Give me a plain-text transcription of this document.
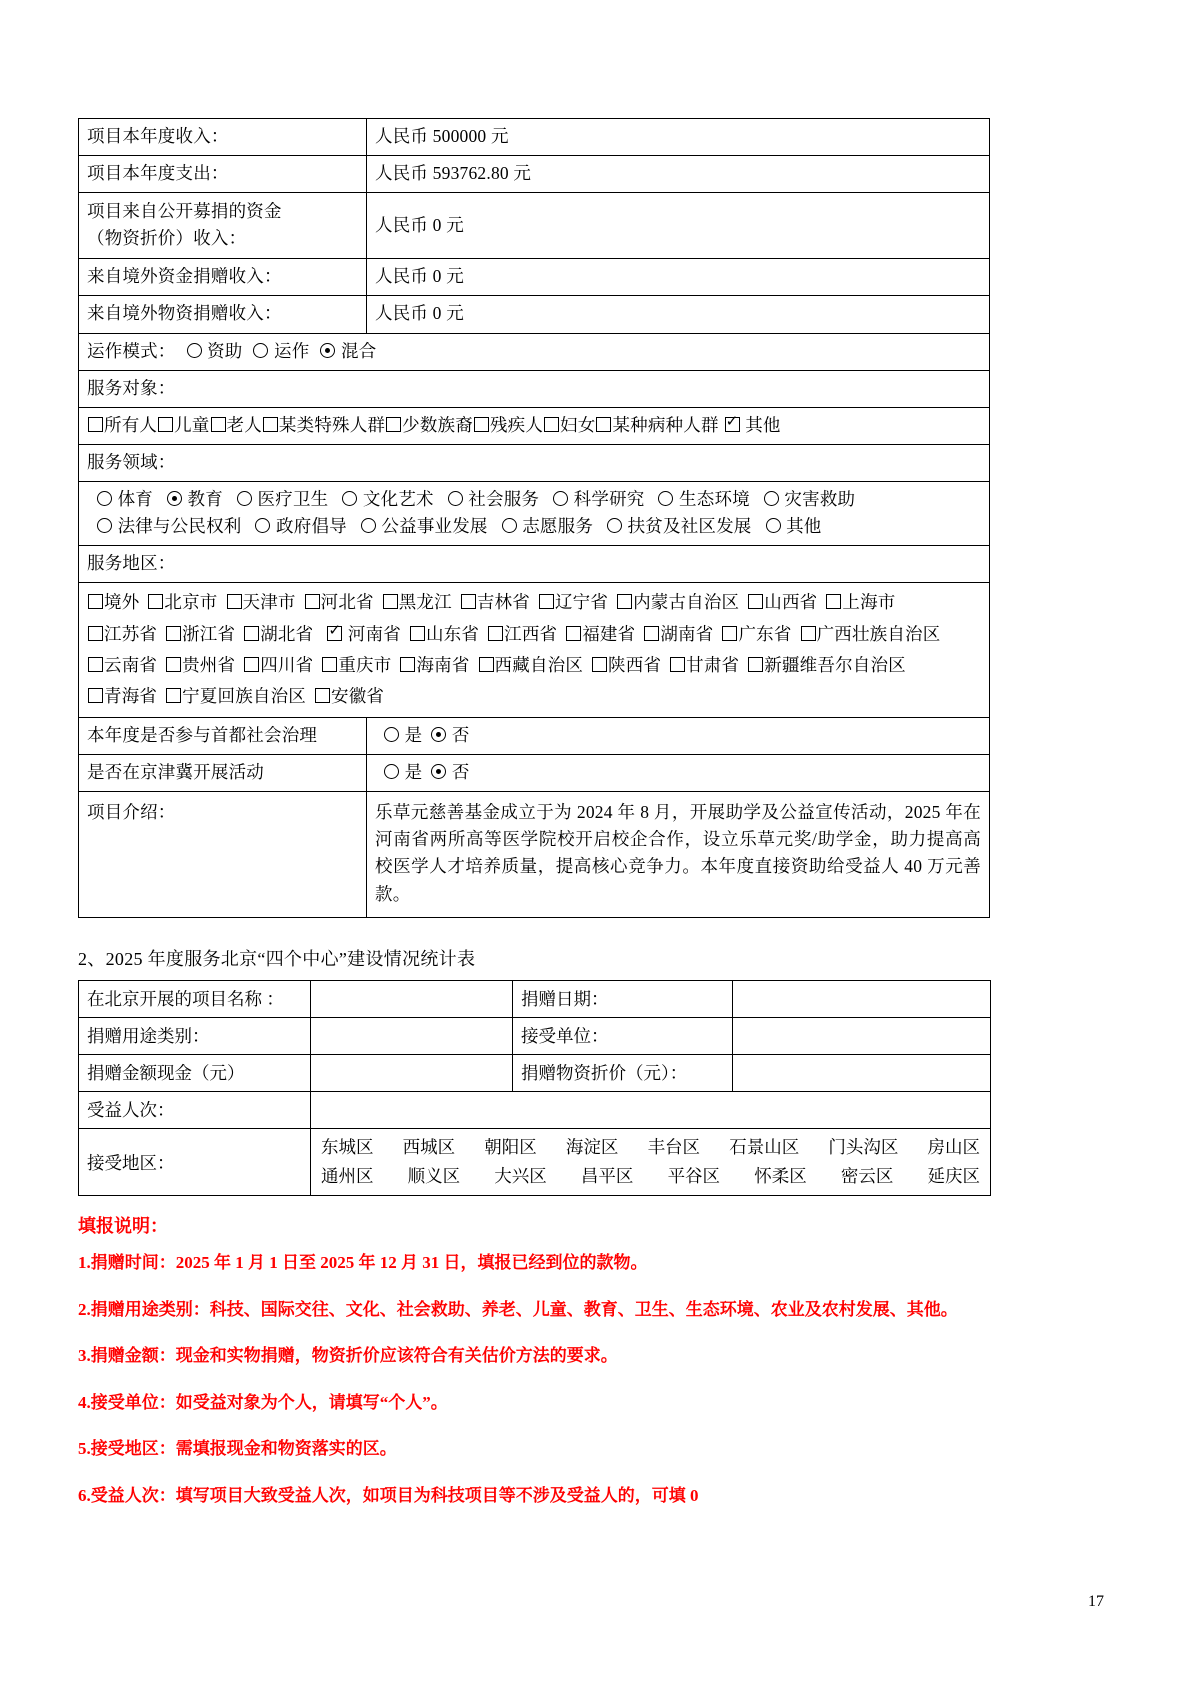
项目本年度收入：	人民币 500000 元
项目本年度支出：	人民币 593762.80 元

项目来自公开募捐的资金
（物资折价）收入：	人民币 0 元
来自境外资金捐赠收入：	人民币 0 元
来自境外物资捐赠收入：	人民币 0 元
运作模式： 资助 运作 混合	
服务对象：	
所有人 儿童 老人 某类特殊人群 少数族裔 残疾人 妇女 某种病种人群✓ 其他
服务领域：	
体育 教育 医疗卫生 文化艺术 社会服务 科学研究 生态环境 灾害救助 法律与公民权利 政府倡导 公益事业发展 志愿服务 扶贫及社区发展 其他	
服务地区：	

境外 北京市 天津市 河北省 黑龙江 吉林省 辽宁省 内蒙古自治区 山西省 上海市江苏省 浙江省 湖北省✓ 河南省 山东省 江西省 福建省 湖南省 广东省 广西壮族自治区云南省 贵州省 四川省 重庆市 海南省 西藏自治区 陕西省 甘肃省 新疆维吾尔自治区青海省 宁夏回族自治区 安徽省

本年度是否参与首都社会治理	是 否
是否在京津冀开展活动	是 否
项目介绍：	乐草元慈善基金成立于为 2024 年 8 月，开展助学及公益宣传活动，2025 年在河南省两所高等医学院校开启校企合作，设立乐草元奖/助学金，助力提高高校医学人才培养质量，提高核心竞争力。本年度直接资助给受益人 40 万元善款。
2、2025 年度服务北京“四个中心”建设情况统计表
在北京开展的项目名称 ：		捐赠日期：	
捐赠用途类别：		接受单位：	
捐赠金额现金（元）		捐赠物资折价（元）：	
受益人次：			
接受地区：	
东城区 西城区 朝阳区 海淀区 丰台区 石景山区 门头沟区 房山区
通州区 顺义区 大兴区 昌平区 平谷区 怀柔区 密云区 延庆区
填报说明：

1.捐赠时间：2025 年 1 月 1 日至 2025 年 12 月 31 日，填报已经到位的款物。

2.捐赠用途类别：科技、国际交往、文化、社会救助、养老、儿童、教育、卫生、生态环境、农业及农村发展、其他。

3.捐赠金额：现金和实物捐赠，物资折价应该符合有关估价方法的要求。

4.接受单位：如受益对象为个人，请填写“个人”。

5.接受地区：需填报现金和物资落实的区。

6.受益人次：填写项目大致受益人次，如项目为科技项目等不涉及受益人的，可填 0

17
